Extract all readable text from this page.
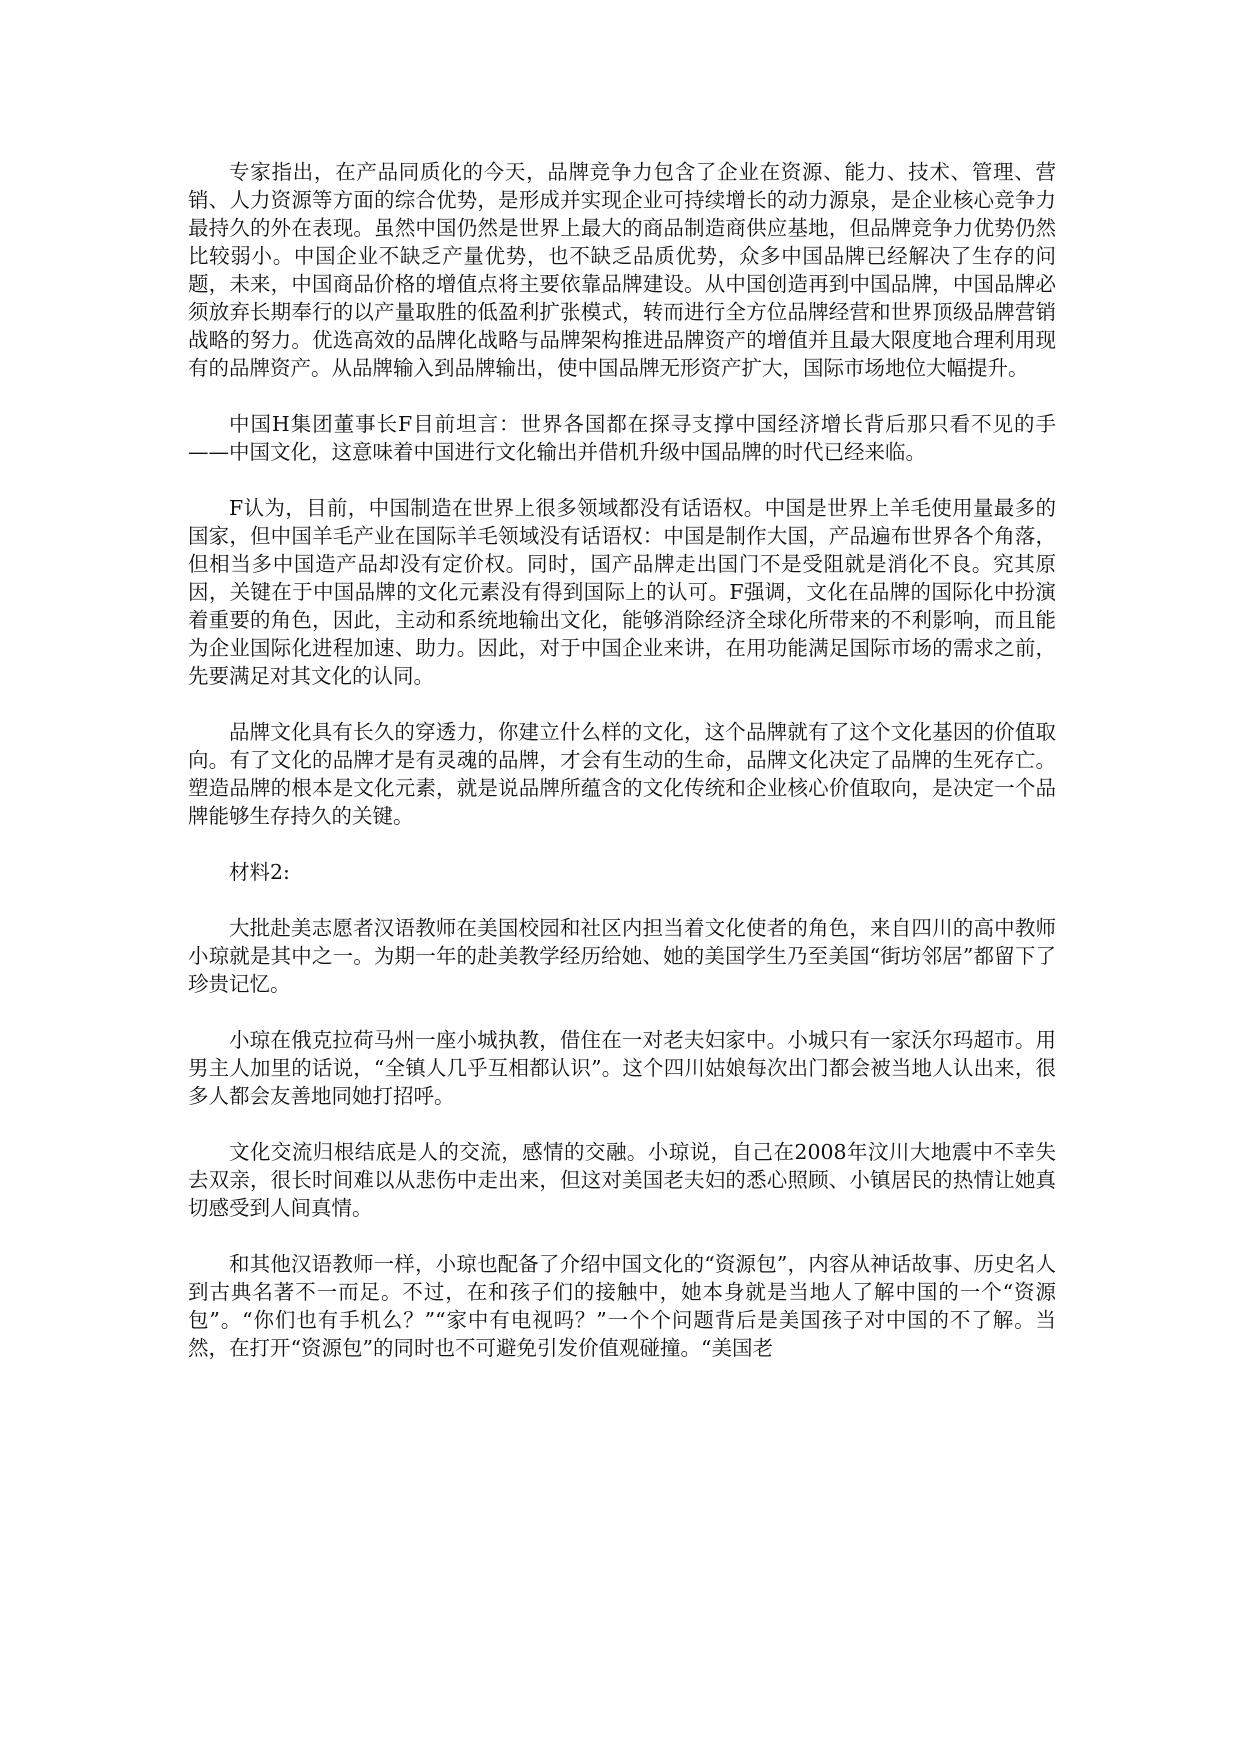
专家指出，在产品同质化的今天，品牌竞争力包含了企业在资源、能力、技术、管理、营销、人力资源等方面的综合优势，是形成并实现企业可持续增长的动力源泉，是企业核心竞争力最持久的外在表现。虽然中国仍然是世界上最大的商品制造商供应基地，但品牌竞争力优势仍然比较弱小。中国企业不缺乏产量优势，也不缺乏品质优势，众多中国品牌已经解决了生存的问题，未来，中国商品价格的增值点将主要依靠品牌建设。从中国创造再到中国品牌，中国品牌必须放弃长期奉行的以产量取胜的低盈利扩张模式，转而进行全方位品牌经营和世界顶级品牌营销战略的努力。优选高效的品牌化战略与品牌架构推进品牌资产的增值并且最大限度地合理利用现有的品牌资产。从品牌输入到品牌输出，使中国品牌无形资产扩大，国际市场地位大幅提升。

中国H集团董事长F目前坦言：世界各国都在探寻支撑中国经济增长背后那只看不见的手——中国文化，这意味着中国进行文化输出并借机升级中国品牌的时代已经来临。

F认为，目前，中国制造在世界上很多领域都没有话语权。中国是世界上羊毛使用量最多的国家，但中国羊毛产业在国际羊毛领域没有话语权：中国是制作大国，产品遍布世界各个角落，但相当多中国造产品却没有定价权。同时，国产品牌走出国门不是受阻就是消化不良。究其原因，关键在于中国品牌的文化元素没有得到国际上的认可。F强调，文化在品牌的国际化中扮演着重要的角色，因此，主动和系统地输出文化，能够消除经济全球化所带来的不利影响，而且能为企业国际化进程加速、助力。因此，对于中国企业来讲，在用功能满足国际市场的需求之前，先要满足对其文化的认同。

品牌文化具有长久的穿透力，你建立什么样的文化，这个品牌就有了这个文化基因的价值取向。有了文化的品牌才是有灵魂的品牌，才会有生动的生命，品牌文化决定了品牌的生死存亡。塑造品牌的根本是文化元素，就是说品牌所蕴含的文化传统和企业核心价值取向，是决定一个品牌能够生存持久的关键。

材料2:

大批赴美志愿者汉语教师在美国校园和社区内担当着文化使者的角色，来自四川的高中教师小琼就是其中之一。为期一年的赴美教学经历给她、她的美国学生乃至美国“街坊邻居”都留下了珍贵记忆。

小琼在俄克拉荷马州一座小城执教，借住在一对老夫妇家中。小城只有一家沃尔玛超市。用男主人加里的话说，“全镇人几乎互相都认识”。这个四川姑娘每次出门都会被当地人认出来，很多人都会友善地同她打招呼。

文化交流归根结底是人的交流，感情的交融。小琼说，自己在2008年汶川大地震中不幸失去双亲，很长时间难以从悲伤中走出来，但这对美国老夫妇的悉心照顾、小镇居民的热情让她真切感受到人间真情。

和其他汉语教师一样，小琼也配备了介绍中国文化的“资源包”，内容从神话故事、历史名人到古典名著不一而足。不过，在和孩子们的接触中，她本身就是当地人了解中国的一个“资源包”。“你们也有手机么？”“家中有电视吗？”一个个问题背后是美国孩子对中国的不了解。当然，在打开“资源包”的同时也不可避免引发价值观碰撞。“美国老
